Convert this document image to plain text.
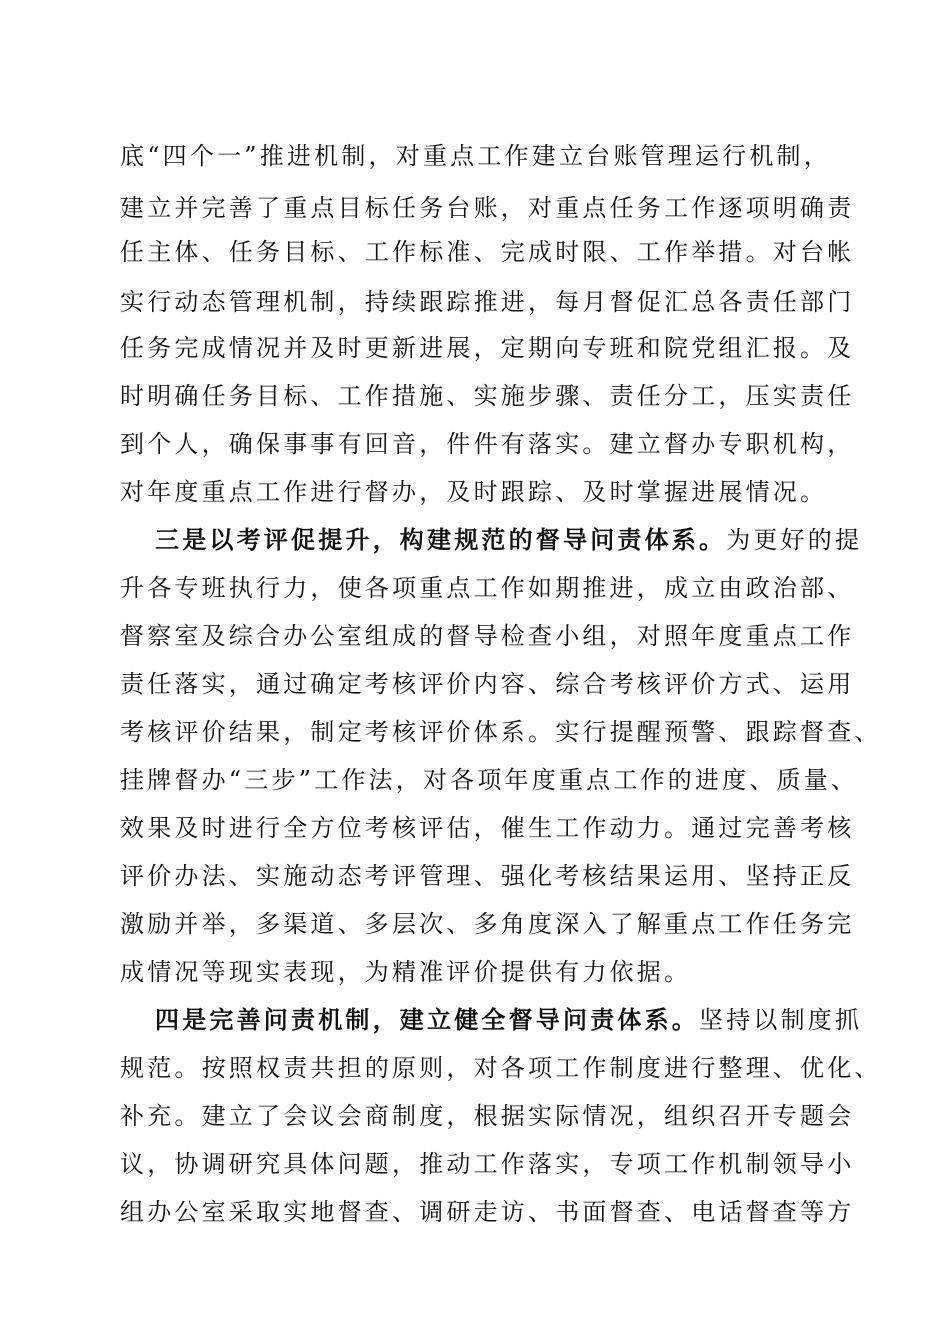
底“四个一”推进机制，对重点工作建立台账管理运行机制，
建立并完善了重点目标任务台账，对重点任务工作逐项明确责
任主体、任务目标、工作标准、完成时限、工作举措。对台帐
实行动态管理机制，持续跟踪推进，每月督促汇总各责任部门
任务完成情况并及时更新进展，定期向专班和院党组汇报。及
时明确任务目标、工作措施、实施步骤、责任分工，压实责任
到个人，确保事事有回音，件件有落实。建立督办专职机构，
对年度重点工作进行督办，及时跟踪、及时掌握进展情况。
三是以考评促提升，构建规范的督导问责体系。为更好的提
升各专班执行力，使各项重点工作如期推进，成立由政治部、
督察室及综合办公室组成的督导检查小组，对照年度重点工作
责任落实，通过确定考核评价内容、综合考核评价方式、运用
考核评价结果，制定考核评价体系。实行提醒预警、跟踪督查、
挂牌督办“三步”工作法，对各项年度重点工作的进度、质量、
效果及时进行全方位考核评估，催生工作动力。通过完善考核
评价办法、实施动态考评管理、强化考核结果运用、坚持正反
激励并举，多渠道、多层次、多角度深入了解重点工作任务完
成情况等现实表现，为精准评价提供有力依据。
四是完善问责机制，建立健全督导问责体系。坚持以制度抓
规范。按照权责共担的原则，对各项工作制度进行整理、优化、
补充。建立了会议会商制度，根据实际情况，组织召开专题会
议，协调研究具体问题，推动工作落实，专项工作机制领导小
组办公室采取实地督查、调研走访、书面督查、电话督查等方
